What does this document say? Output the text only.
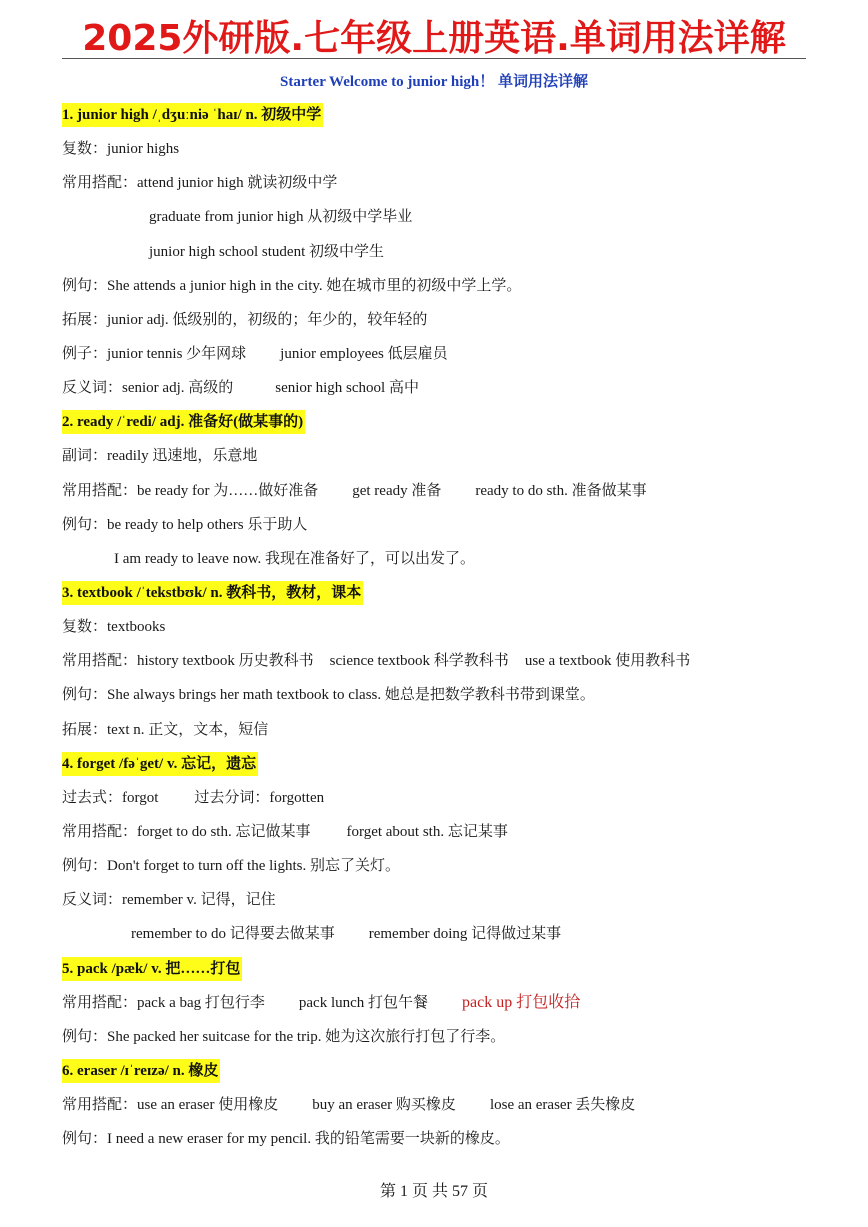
2025外研版.七年级上册英语.单词用法详解
Starter Welcome to junior high！ 单词用法详解
1. junior high /ˌdʒuːniə ˈhaɪ/ n. 初级中学
复数：junior highs
常用搭配：attend junior high 就读初级中学
graduate from junior high 从初级中学毕业
junior high school student 初级中学生
例句：She attends a junior high in the city. 她在城市里的初级中学上学。
拓展：junior adj. 低级别的，初级的；年少的，较年轻的
例子：junior tennis 少年网球 junior employees 低层雇员
反义词：senior adj. 高级的	senior high school 高中
2. ready /ˈredi/ adj. 准备好(做某事的)
副词：readily 迅速地，乐意地
常用搭配：be ready for 为……做好准备 get ready 准备 ready to do sth. 准备做某事
例句：be ready to help others 乐于助人
I am ready to leave now. 我现在准备好了，可以出发了。
3. textbook /ˈtekstbʊk/ n. 教科书，教材，课本
复数：textbooks
常用搭配：history textbook 历史教科书 science textbook 科学教科书 use a textbook 使用教科书
例句：She always brings her math textbook to class. 她总是把数学教科书带到课堂。
拓展：text n. 正文，文本，短信
4. forget /fəˈget/ v. 忘记，遗忘
过去式：forgot 过去分词：forgotten
常用搭配：forget to do sth. 忘记做某事 forget about sth. 忘记某事
例句：Don't forget to turn off the lights. 别忘了关灯。
反义词：remember v. 记得，记住
remember to do 记得要去做某事 remember doing 记得做过某事
5. pack /pæk/ v. 把……打包
常用搭配：pack a bag 打包行李 pack lunch 打包午餐 pack up 打包收拾
例句：She packed her suitcase for the trip. 她为这次旅行打包了行李。
6. eraser /ɪˈreɪzə/ n. 橡皮
常用搭配：use an eraser 使用橡皮 buy an eraser 购买橡皮 lose an eraser 丢失橡皮
例句：I need a new eraser for my pencil. 我的铅笔需要一块新的橡皮。
第 1 页 共 57 页
